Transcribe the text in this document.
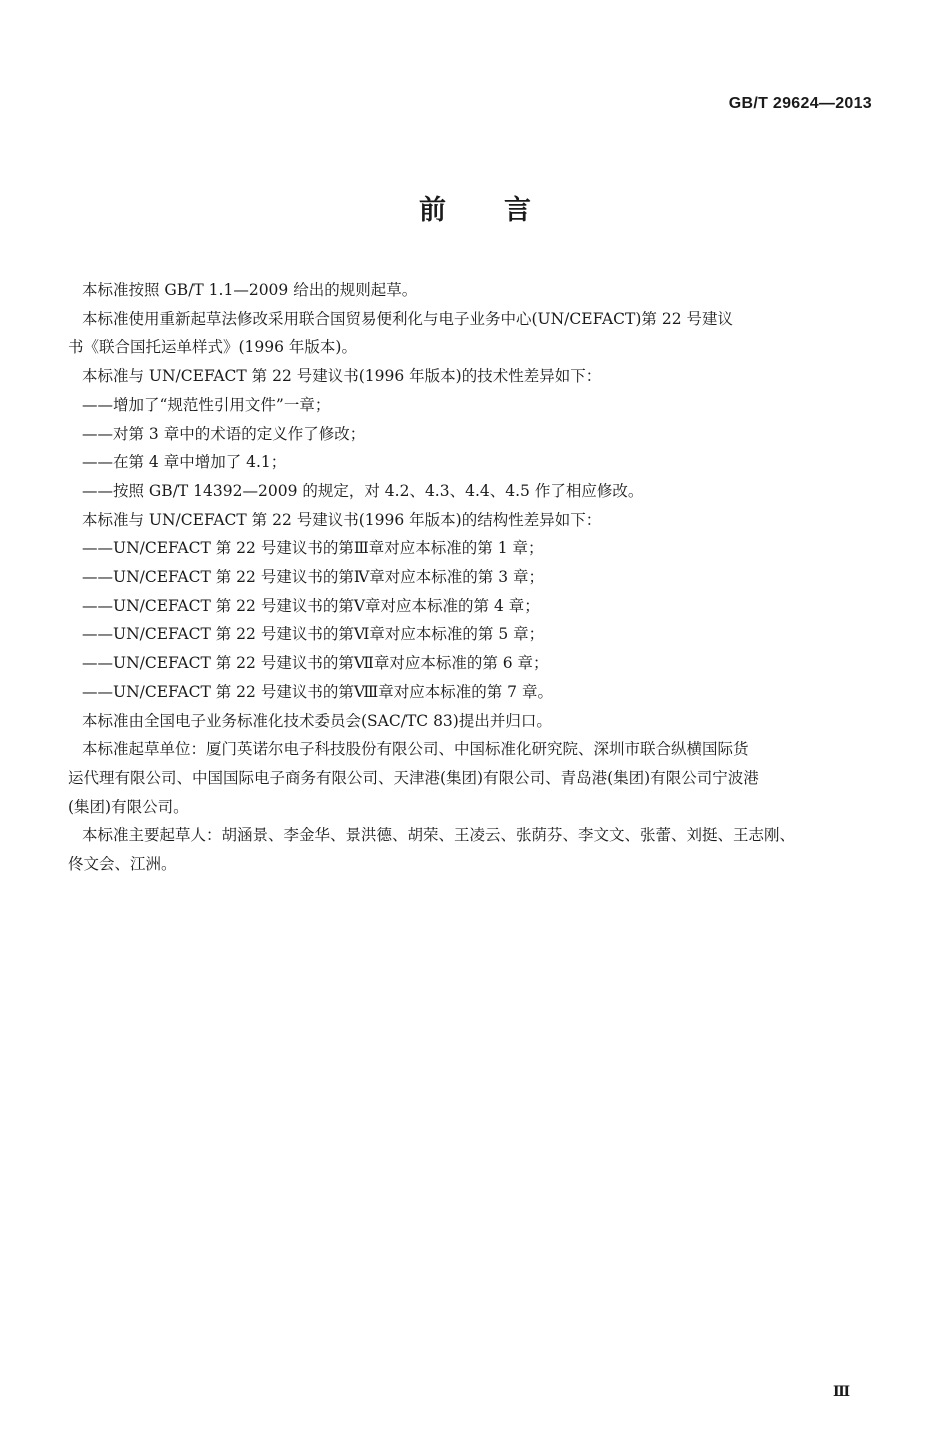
GB/T 29624—2013
前言
本标准按照 GB/T 1.1—2009 给出的规则起草。
本标准使用重新起草法修改采用联合国贸易便利化与电子业务中心(UN/CEFACT)第 22 号建议
书《联合国托运单样式》(1996 年版本)。
本标准与 UN/CEFACT 第 22 号建议书(1996 年版本)的技术性差异如下：
——增加了“规范性引用文件”一章；
——对第 3 章中的术语的定义作了修改；
——在第 4 章中增加了 4.1；
——按照 GB/T 14392—2009 的规定，对 4.2、4.3、4.4、4.5 作了相应修改。
本标准与 UN/CEFACT 第 22 号建议书(1996 年版本)的结构性差异如下：
——UN/CEFACT 第 22 号建议书的第Ⅲ章对应本标准的第 1 章；
——UN/CEFACT 第 22 号建议书的第Ⅳ章对应本标准的第 3 章；
——UN/CEFACT 第 22 号建议书的第Ⅴ章对应本标准的第 4 章；
——UN/CEFACT 第 22 号建议书的第Ⅵ章对应本标准的第 5 章；
——UN/CEFACT 第 22 号建议书的第Ⅶ章对应本标准的第 6 章；
——UN/CEFACT 第 22 号建议书的第Ⅷ章对应本标准的第 7 章。
本标准由全国电子业务标准化技术委员会(SAC/TC 83)提出并归口。
本标准起草单位：厦门英诺尔电子科技股份有限公司、中国标准化研究院、深圳市联合纵横国际货
运代理有限公司、中国国际电子商务有限公司、天津港(集团)有限公司、青岛港(集团)有限公司宁波港
(集团)有限公司。
本标准主要起草人：胡涵景、李金华、景洪德、胡荣、王凌云、张荫芬、李文文、张蕾、刘挺、王志刚、
佟文会、江洲。
Ⅲ
